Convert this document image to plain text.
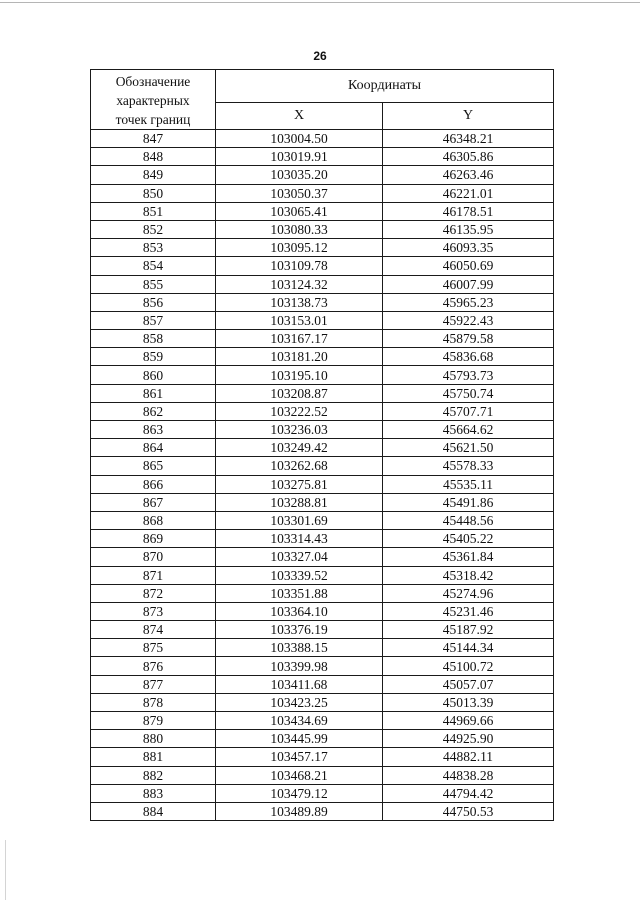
26
Обозначение
характерных
точек границ	Координаты	
	X	Y
847	103004.50	46348.21
848	103019.91	46305.86
849	103035.20	46263.46
850	103050.37	46221.01
851	103065.41	46178.51
852	103080.33	46135.95
853	103095.12	46093.35
854	103109.78	46050.69
855	103124.32	46007.99
856	103138.73	45965.23
857	103153.01	45922.43
858	103167.17	45879.58
859	103181.20	45836.68
860	103195.10	45793.73
861	103208.87	45750.74
862	103222.52	45707.71
863	103236.03	45664.62
864	103249.42	45621.50
865	103262.68	45578.33
866	103275.81	45535.11
867	103288.81	45491.86
868	103301.69	45448.56
869	103314.43	45405.22
870	103327.04	45361.84
871	103339.52	45318.42
872	103351.88	45274.96
873	103364.10	45231.46
874	103376.19	45187.92
875	103388.15	45144.34
876	103399.98	45100.72
877	103411.68	45057.07
878	103423.25	45013.39
879	103434.69	44969.66
880	103445.99	44925.90
881	103457.17	44882.11
882	103468.21	44838.28
883	103479.12	44794.42
884	103489.89	44750.53
